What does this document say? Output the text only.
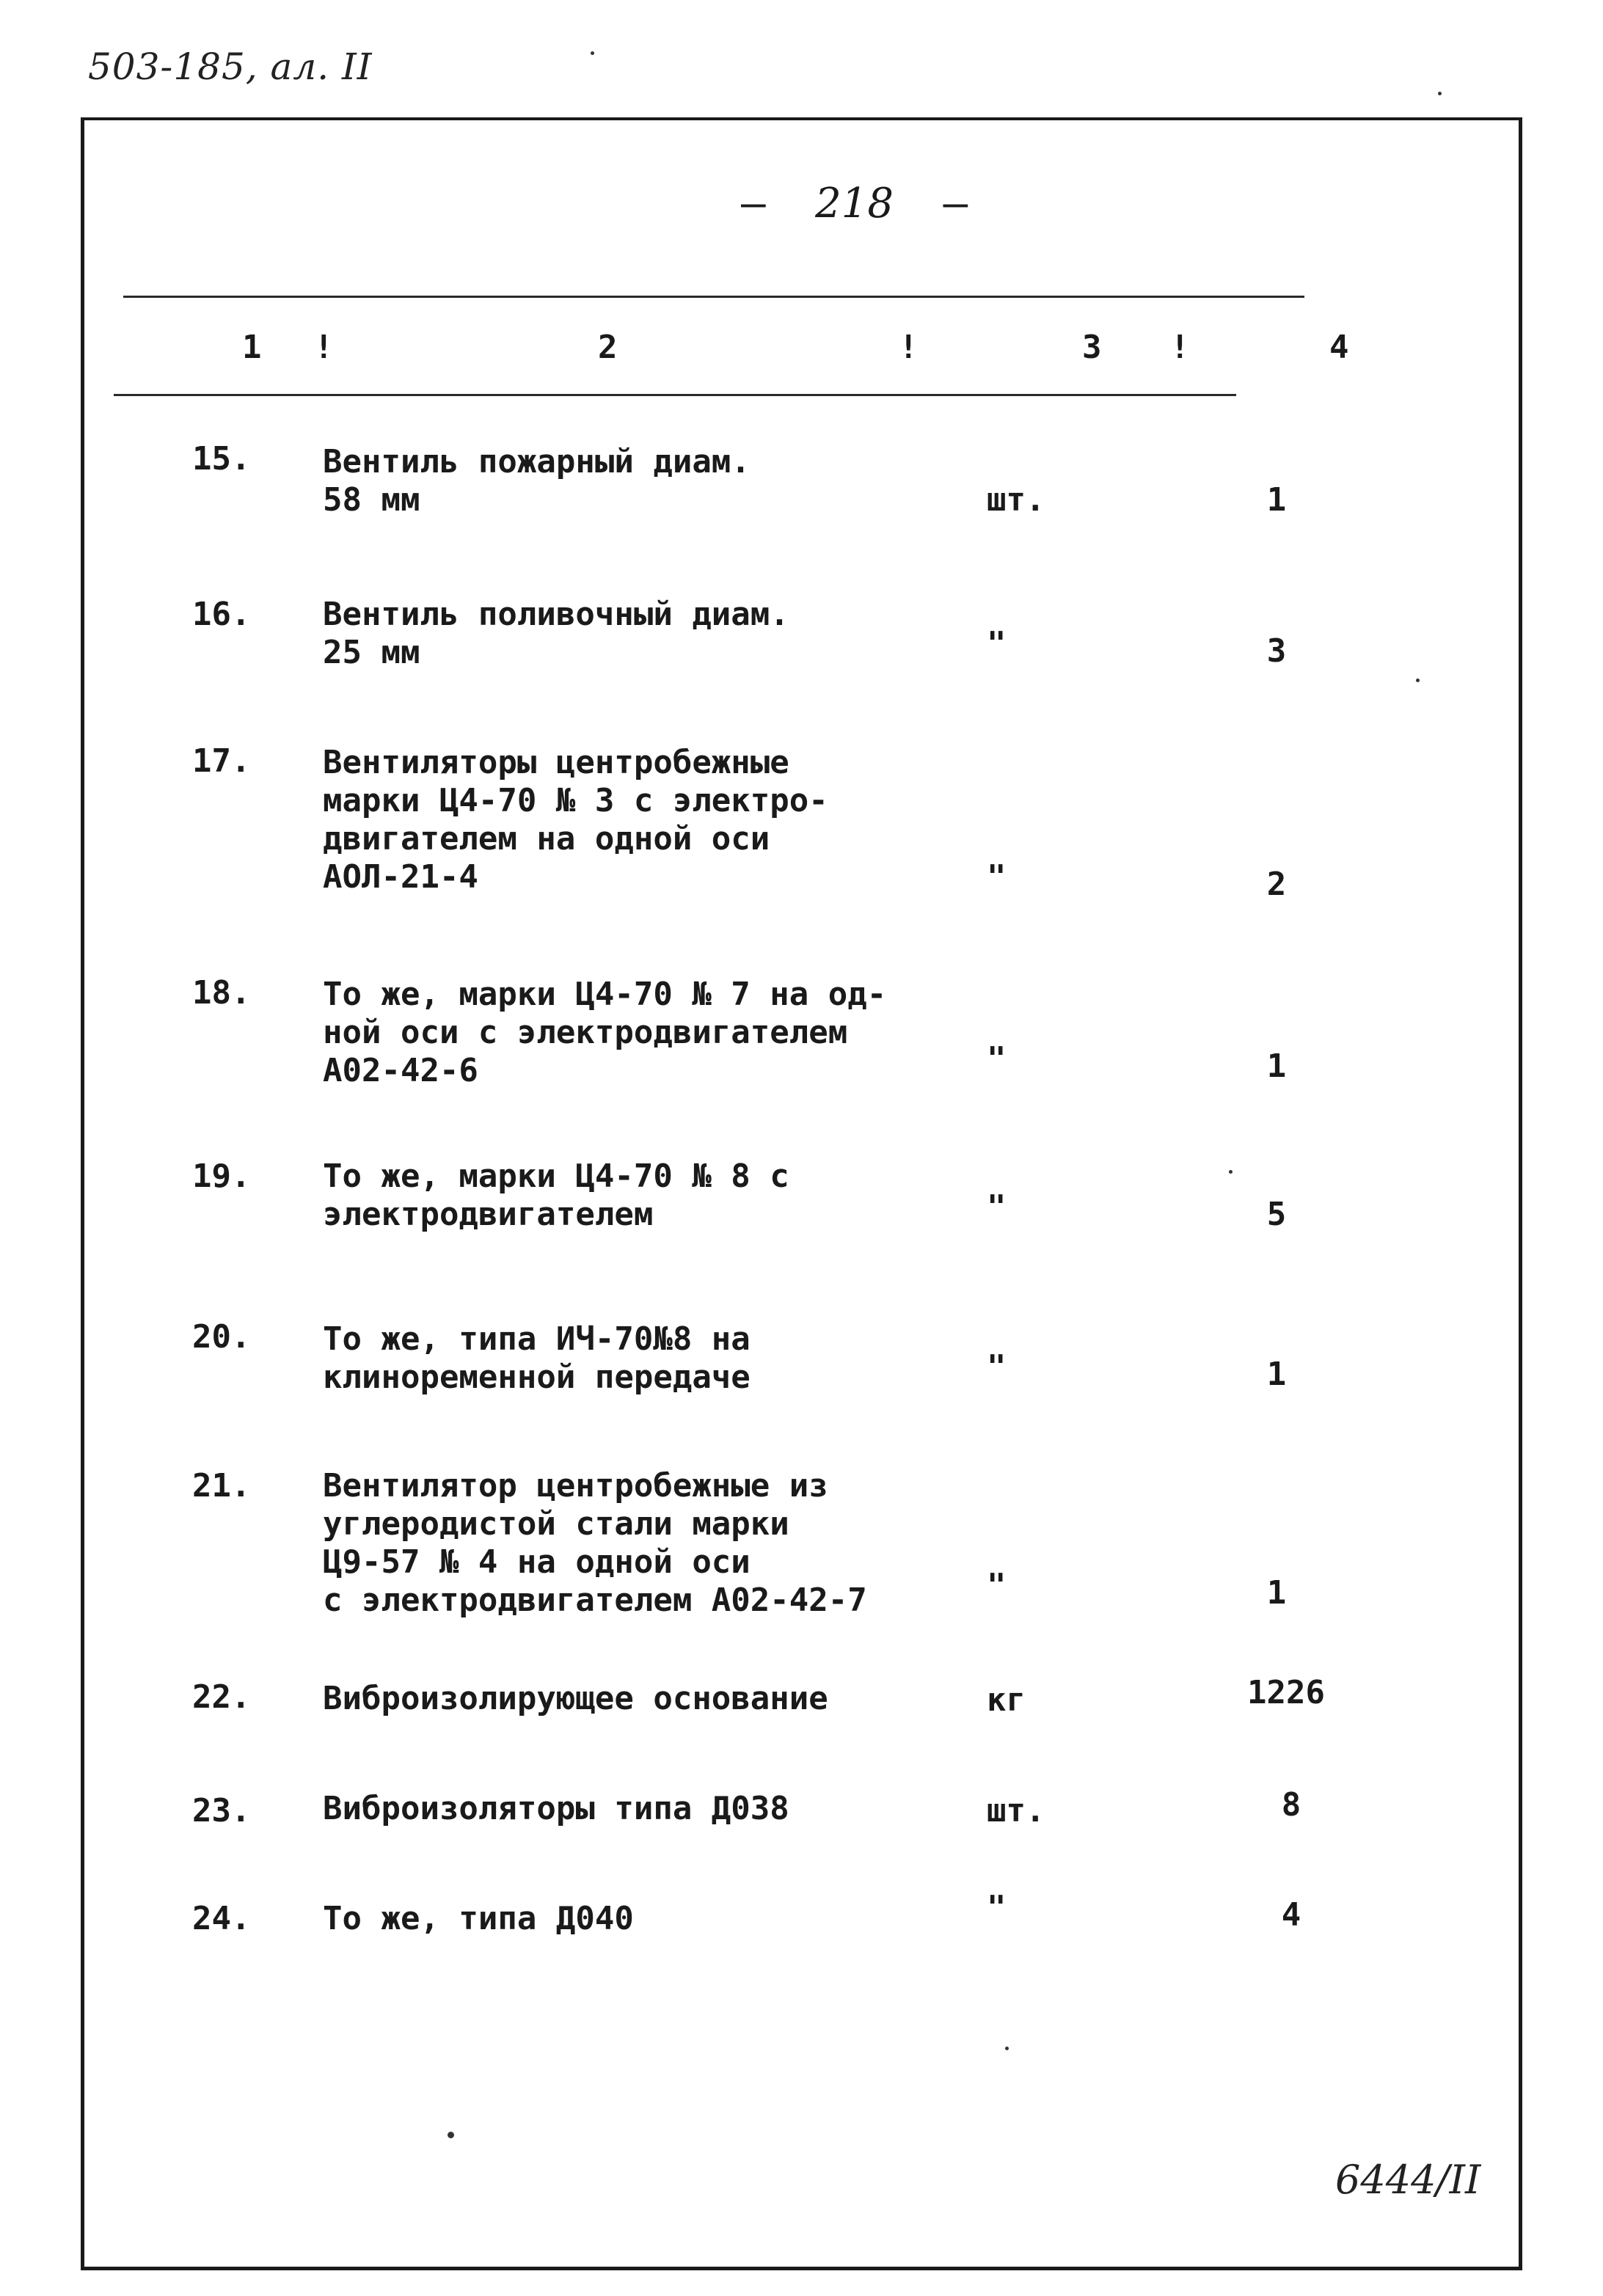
503-185, ал. II
–  218  –
1 !	2	!	3 !	4
15. Вентиль пожарный диам.
58 мм	шт.	1
16. Вентиль поливочный диам.
25 мм	"	3
17. Вентиляторы центробежные
марки Ц4-70 № 3 с электро-
двигателем на одной оси
АОЛ-21-4	"	2
18. То же, марки Ц4-70 № 7 на од-
ной оси с электродвигателем
А02-42-6	"	1
19. То же, марки Ц4-70 № 8 с
электродвигателем	"	5
20. То же, типа ИЧ-70№8 на
клиноременной передаче	"	1
21. Вентилятор центробежные из
углеродистой стали марки
Ц9-57 № 4 на одной оси
с электродвигателем А02-42-7	"	1
22. Виброизолирующее основание	кг	1226
23. Виброизоляторы типа Д038	шт.	8
24. То же, типа Д040	"	4
6444/II
